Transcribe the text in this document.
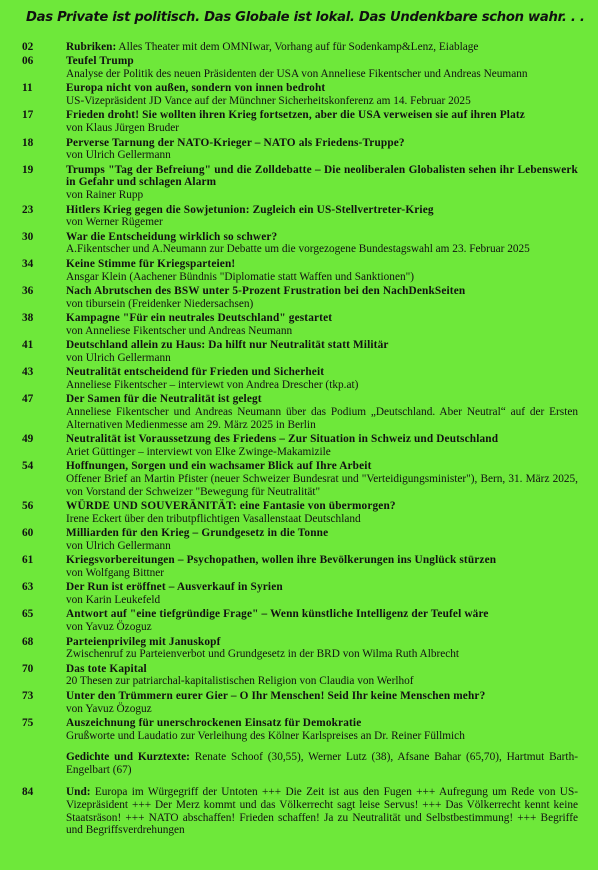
Das Private ist politisch. Das Globale ist lokal. Das Undenkbare schon wahr. . .
02	Rubriken: Alles Theater mit dem OMNIwar, Vorhang auf für Sodenkamp&Lenz, Eiablage
06	Teufel Trump
Analyse der Politik des neuen Präsidenten der USA von Anneliese Fikentscher und Andreas Neumann
11	Europa nicht von außen, sondern von innen bedroht
US-Vizepräsident JD Vance auf der Münchner Sicherheitskonferenz am 14. Februar 2025
17	Frieden droht! Sie wollten ihren Krieg fortsetzen, aber die USA verweisen sie auf ihren Platz
von Klaus Jürgen Bruder
18	Perverse Tarnung der NATO-Krieger – NATO als Friedens-Truppe?
von Ulrich Gellermann
19	Trumps "Tag der Befreiung" und die Zolldebatte – Die neoliberalen Globalisten sehen ihr Lebenswerk in Gefahr und schlagen Alarm
von Rainer Rupp
23	Hitlers Krieg gegen die Sowjetunion: Zugleich ein US-Stellvertreter-Krieg
von Werner Rügemer
30	War die Entscheidung wirklich so schwer?
A.Fikentscher und A.Neumann zur Debatte um die vorgezogene Bundestagswahl am 23. Februar 2025
34	Keine Stimme für Kriegsparteien!
Ansgar Klein (Aachener Bündnis "Diplomatie statt Waffen und Sanktionen")
36	Nach Abrutschen des BSW unter 5-Prozent Frustration bei den NachDenkSeiten
von tibursein (Freidenker Niedersachsen)
38	Kampagne "Für ein neutrales Deutschland" gestartet
von Anneliese Fikentscher und Andreas Neumann
41	Deutschland allein zu Haus: Da hilft nur Neutralität statt Militär
von Ulrich Gellermann
43	Neutralität entscheidend für Frieden und Sicherheit
Anneliese Fikentscher – interviewt von Andrea Drescher (tkp.at)
47	Der Samen für die Neutralität ist gelegt
Anneliese Fikentscher und Andreas Neumann über das Podium „Deutschland. Aber Neutral“ auf der Ersten Alternativen Medienmesse am 29. März 2025 in Berlin
49	Neutralität ist Voraussetzung des Friedens – Zur Situation in Schweiz und Deutschland
Ariet Güttinger – interviewt von Elke Zwinge-Makamizile
54	Hoffnungen, Sorgen und ein wachsamer Blick auf Ihre Arbeit
Offener Brief an Martin Pfister (neuer Schweizer Bundesrat und "Verteidigungsminister"), Bern, 31. März 2025, von Vorstand der Schweizer "Bewegung für Neutralität"
56	WÜRDE UND SOUVERÄNITÄT: eine Fantasie von übermorgen?
Irene Eckert über den tributpflichtigen Vasallenstaat Deutschland
60	Milliarden für den Krieg – Grundgesetz in die Tonne
von Ulrich Gellermann
61	Kriegsvorbereitungen – Psychopathen, wollen ihre Bevölkerungen ins Unglück stürzen
von Wolfgang Bittner
63	Der Run ist eröffnet – Ausverkauf in Syrien
von Karin Leukefeld
65	Antwort auf "eine tiefgründige Frage" – Wenn künstliche Intelligenz der Teufel wäre
von Yavuz Özoguz
68	Parteienprivileg mit Januskopf
Zwischenruf zu Parteienverbot und Grundgesetz in der BRD von Wilma Ruth Albrecht
70	Das tote Kapital
20 Thesen zur patriarchal-kapitalistischen Religion von Claudia von Werlhof
73	Unter den Trümmern eurer Gier – O Ihr Menschen! Seid Ihr keine Menschen mehr?
von Yavuz Özoguz
75	Auszeichnung für unerschrockenen Einsatz für Demokratie
Grußworte und Laudatio zur Verleihung des Kölner Karlspreises an Dr. Reiner Füllmich
Gedichte und Kurztexte: Renate Schoof (30,55), Werner Lutz (38), Afsane Bahar (65,70), Hartmut Barth-Engelbart (67)
84	Und: Europa im Würgegriff der Untoten +++ Die Zeit ist aus den Fugen +++ Aufregung um Rede von US-Vizepräsident +++ Der Merz kommt und das Völkerrecht sagt leise Servus! +++ Das Völkerrecht kennt keine Staatsräson! +++ NATO abschaffen! Frieden schaffen! Ja zu Neutralität und Selbstbestimmung! +++ Begriffe und Begriffsverdrehungen
